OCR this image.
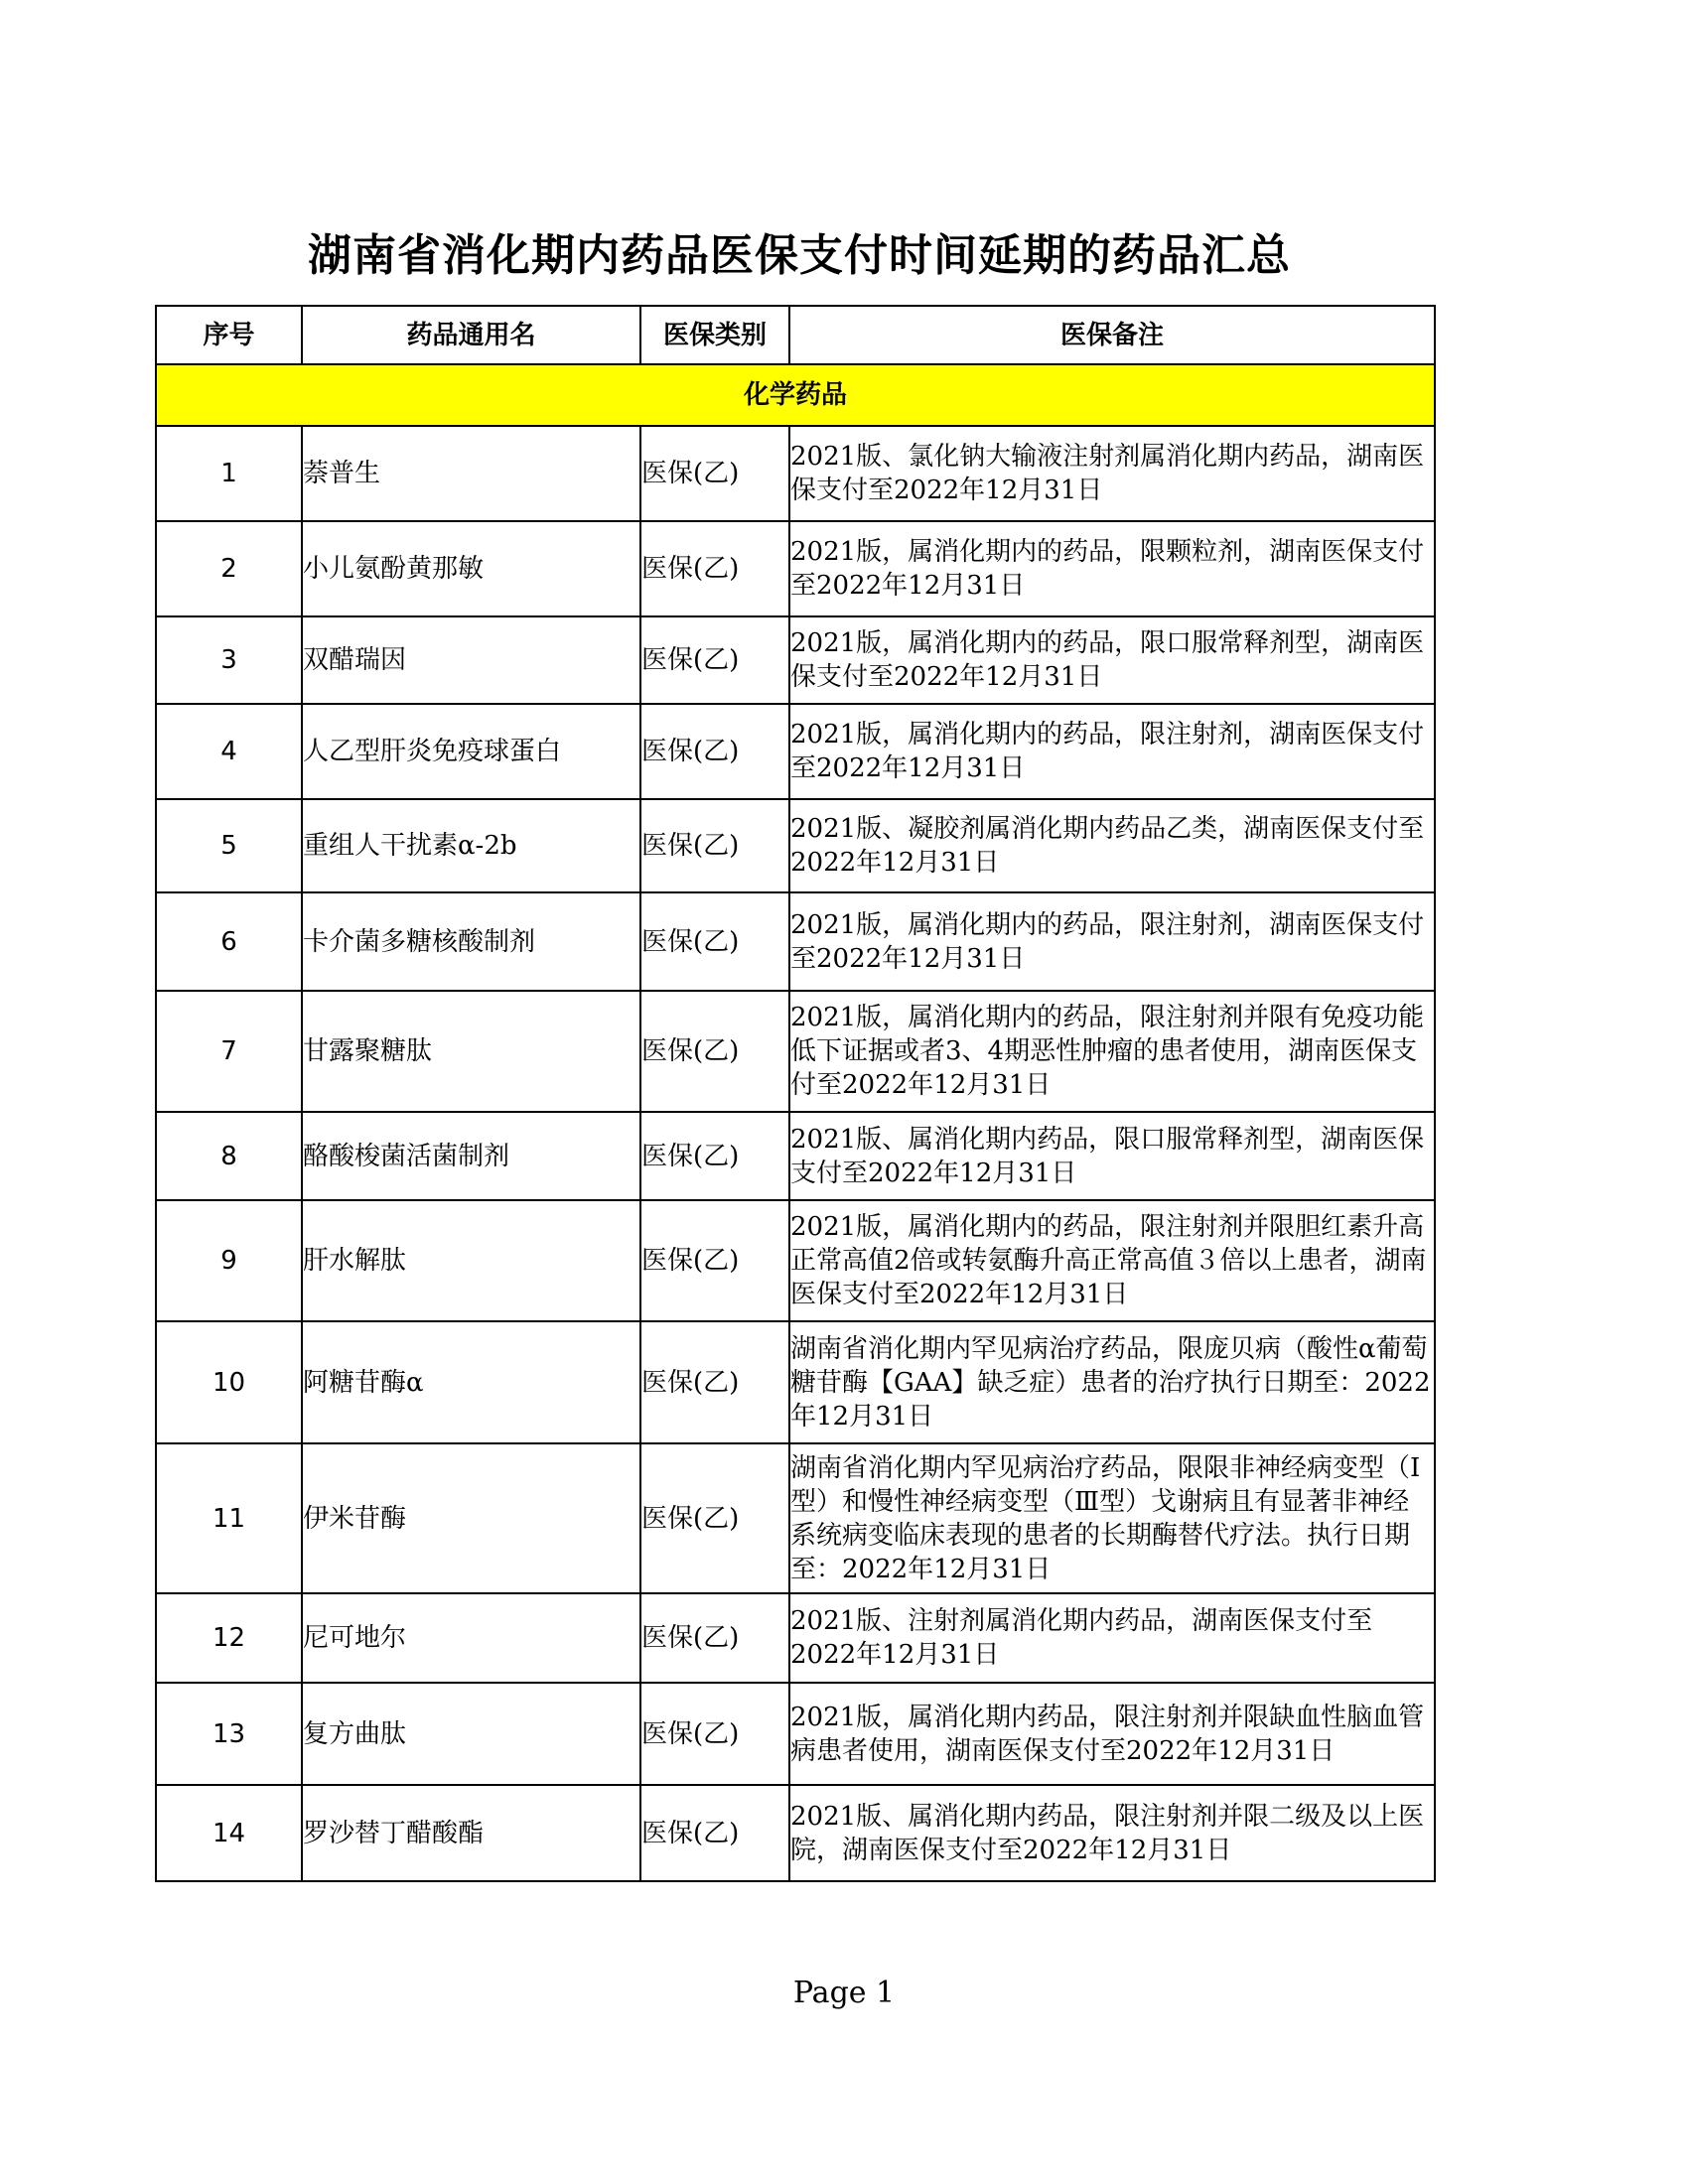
湖南省消化期内药品医保支付时间延期的药品汇总
序号	药品通用名	医保类别	医保备注
化学药品			
1	萘普生	医保(乙)	2021版、氯化钠大输液注射剂属消化期内药品，湖南医保支付至2022年12月31日
2	小儿氨酚黄那敏	医保(乙)	2021版，属消化期内的药品，限颗粒剂，湖南医保支付至2022年12月31日
3	双醋瑞因	医保(乙)	2021版，属消化期内的药品，限口服常释剂型，湖南医保支付至2022年12月31日
4	人乙型肝炎免疫球蛋白	医保(乙)	2021版，属消化期内的药品，限注射剂，湖南医保支付至2022年12月31日
5	重组人干扰素α-2b	医保(乙)	2021版、凝胶剂属消化期内药品乙类，湖南医保支付至2022年12月31日
6	卡介菌多糖核酸制剂	医保(乙)	2021版，属消化期内的药品，限注射剂，湖南医保支付至2022年12月31日
7	甘露聚糖肽	医保(乙)	2021版，属消化期内的药品，限注射剂并限有免疫功能低下证据或者3、4期恶性肿瘤的患者使用，湖南医保支付至2022年12月31日
8	酪酸梭菌活菌制剂	医保(乙)	2021版、属消化期内药品，限口服常释剂型，湖南医保支付至2022年12月31日
9	肝水解肽	医保(乙)	2021版，属消化期内的药品，限注射剂并限胆红素升高正常高值2倍或转氨酶升高正常高值３倍以上患者，湖南医保支付至2022年12月31日
10	阿糖苷酶α	医保(乙)	湖南省消化期内罕见病治疗药品，限庞贝病（酸性α葡萄糖苷酶【GAA】缺乏症）患者的治疗执行日期至：2022年12月31日
11	伊米苷酶	医保(乙)	湖南省消化期内罕见病治疗药品，限限非神经病变型（Ⅰ型）和慢性神经病变型（Ⅲ型）戈谢病且有显著非神经系统病变临床表现的患者的长期酶替代疗法。执行日期至：2022年12月31日
12	尼可地尔	医保(乙)	2021版、注射剂属消化期内药品，湖南医保支付至2022年12月31日
13	复方曲肽	医保(乙)	2021版，属消化期内药品，限注射剂并限缺血性脑血管病患者使用，湖南医保支付至2022年12月31日
14	罗沙替丁醋酸酯	医保(乙)	2021版、属消化期内药品，限注射剂并限二级及以上医院，湖南医保支付至2022年12月31日
Page 1
